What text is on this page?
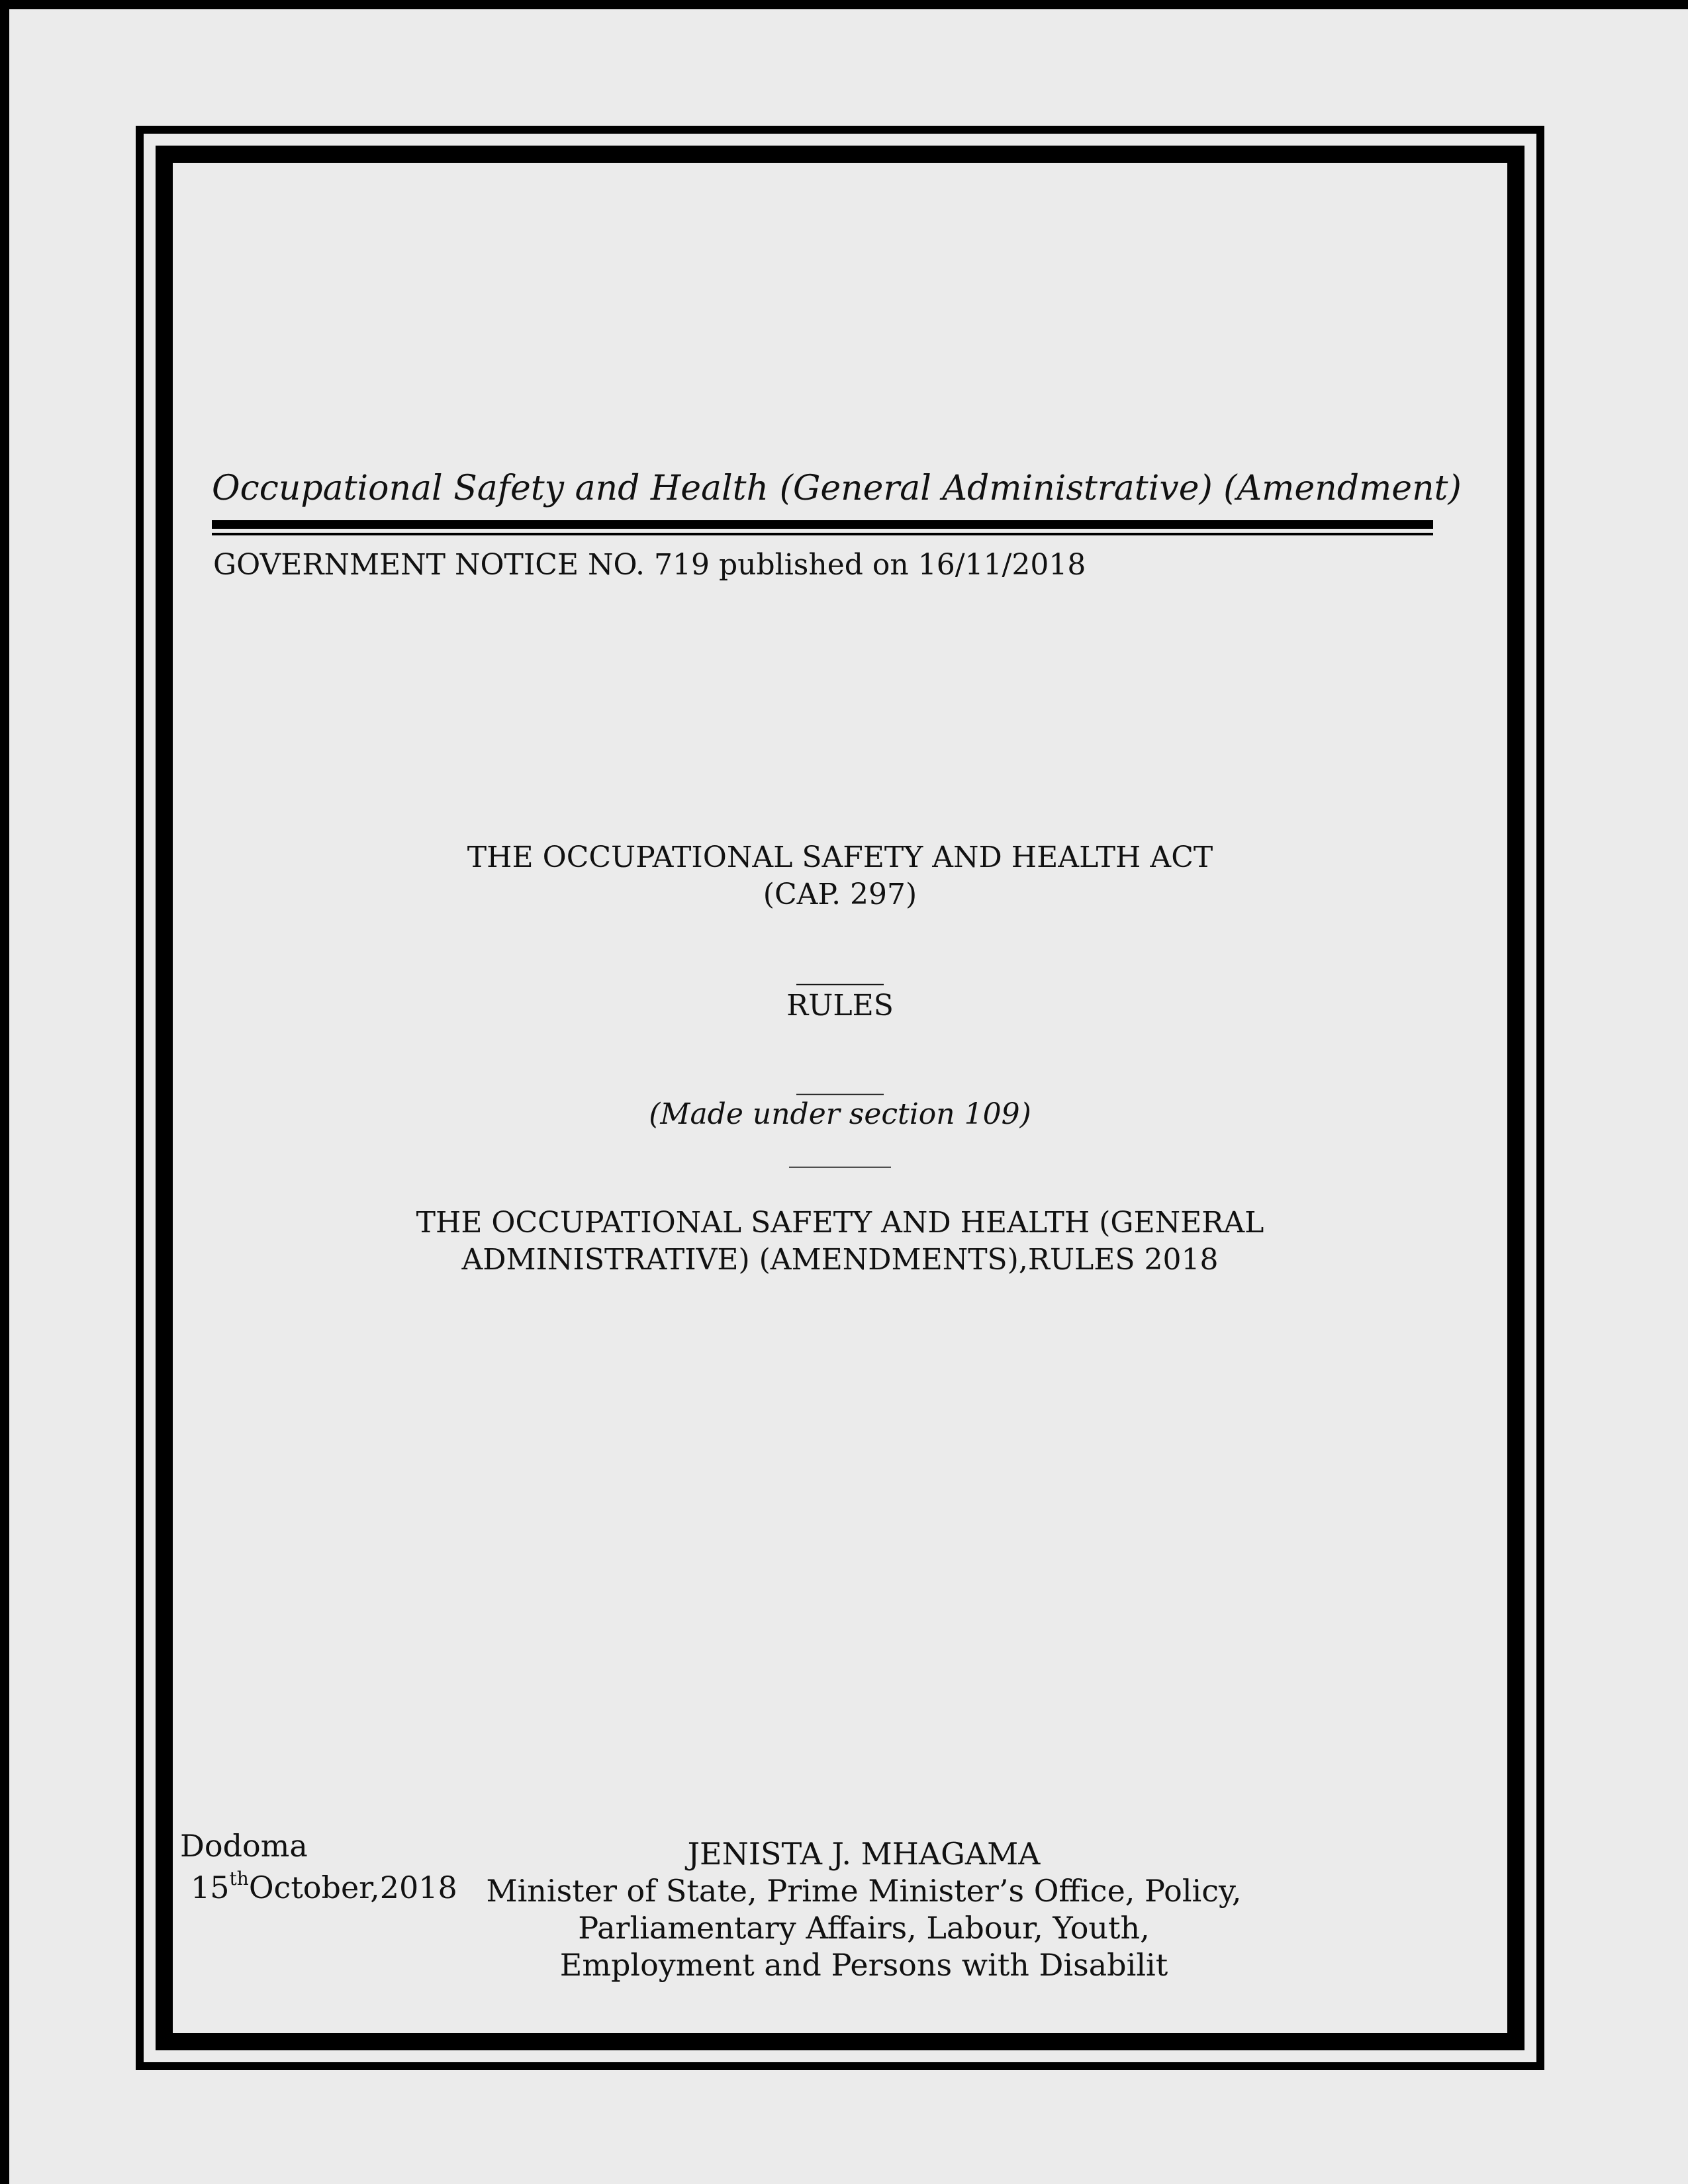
Occupational Safety and Health (General Administrative) (Amendment)
GOVERNMENT NOTICE NO. 719 published on 16/11/2018
THE OCCUPATIONAL SAFETY AND HEALTH ACT
(CAP. 297)
______
RULES
______
(Made under section 109)
_______
THE OCCUPATIONAL SAFETY AND HEALTH (GENERAL
ADMINISTRATIVE) (AMENDMENTS),RULES 2018
Dodoma
15thOctober,2018
JENISTA J. MHAGAMA
Minister of State, Prime Minister’s Office, Policy,
Parliamentary Affairs, Labour, Youth,
Employment and Persons with Disabilit
